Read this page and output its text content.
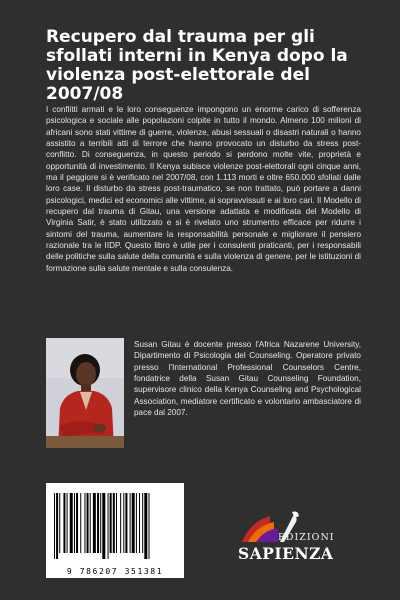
Recupero dal trauma per gli sfollati interni in Kenya dopo la violenza post-elettorale del 2007/08

I conflitti armati e le loro conseguenze impongono un enorme carico di sofferenza psicologica e sociale alle popolazioni colpite in tutto il mondo. Almeno 100 milioni di africani sono stati vittime di guerre, violenze, abusi sessuali o disastri naturali o hanno assistito a terribili atti di terrore che hanno provocato un disturbo da stress post-conflitto. Di conseguenza, in questo periodo si perdono molte vite, proprietà e opportunità di investimento. Il Kenya subisce violenze post-elettorali ogni cinque anni, ma il peggiore si è verificato nel 2007/08, con 1.113 morti e oltre 650.000 sfollati dalle loro case. Il disturbo da stress post-traumatico, se non trattato, può portare a danni psicologici, medici ed economici alle vittime, ai sopravvissuti e ai loro cari. Il Modello di recupero dal trauma di Gitau, una versione adattata e modificata del Modello di Virginia Satir, è stato utilizzato e si è rivelato uno strumento efficace per ridurre i sintomi del trauma, aumentare la responsabilità personale e migliorare il pensiero razionale tra le IIDP. Questo libro è utile per i consulenti praticanti, per i responsabili delle politiche sulla salute della comunità e sulla violenza di genere, per le istituzioni di formazione sulla salute mentale e sulla consulenza.

Susan Gitau è docente presso l'Africa Nazarene University, Dipartimento di Psicologia del Counseling. Operatore privato presso l'International Professional Counselors Centre, fondatrice della Susan Gitau Counseling Foundation, supervisore clinico della Kenya Counseling and Psychological Association, mediatore certificato e volontario ambasciatore di pace dal 2007.

9 786207 351381
EDIZIONI
SAPIENZA
